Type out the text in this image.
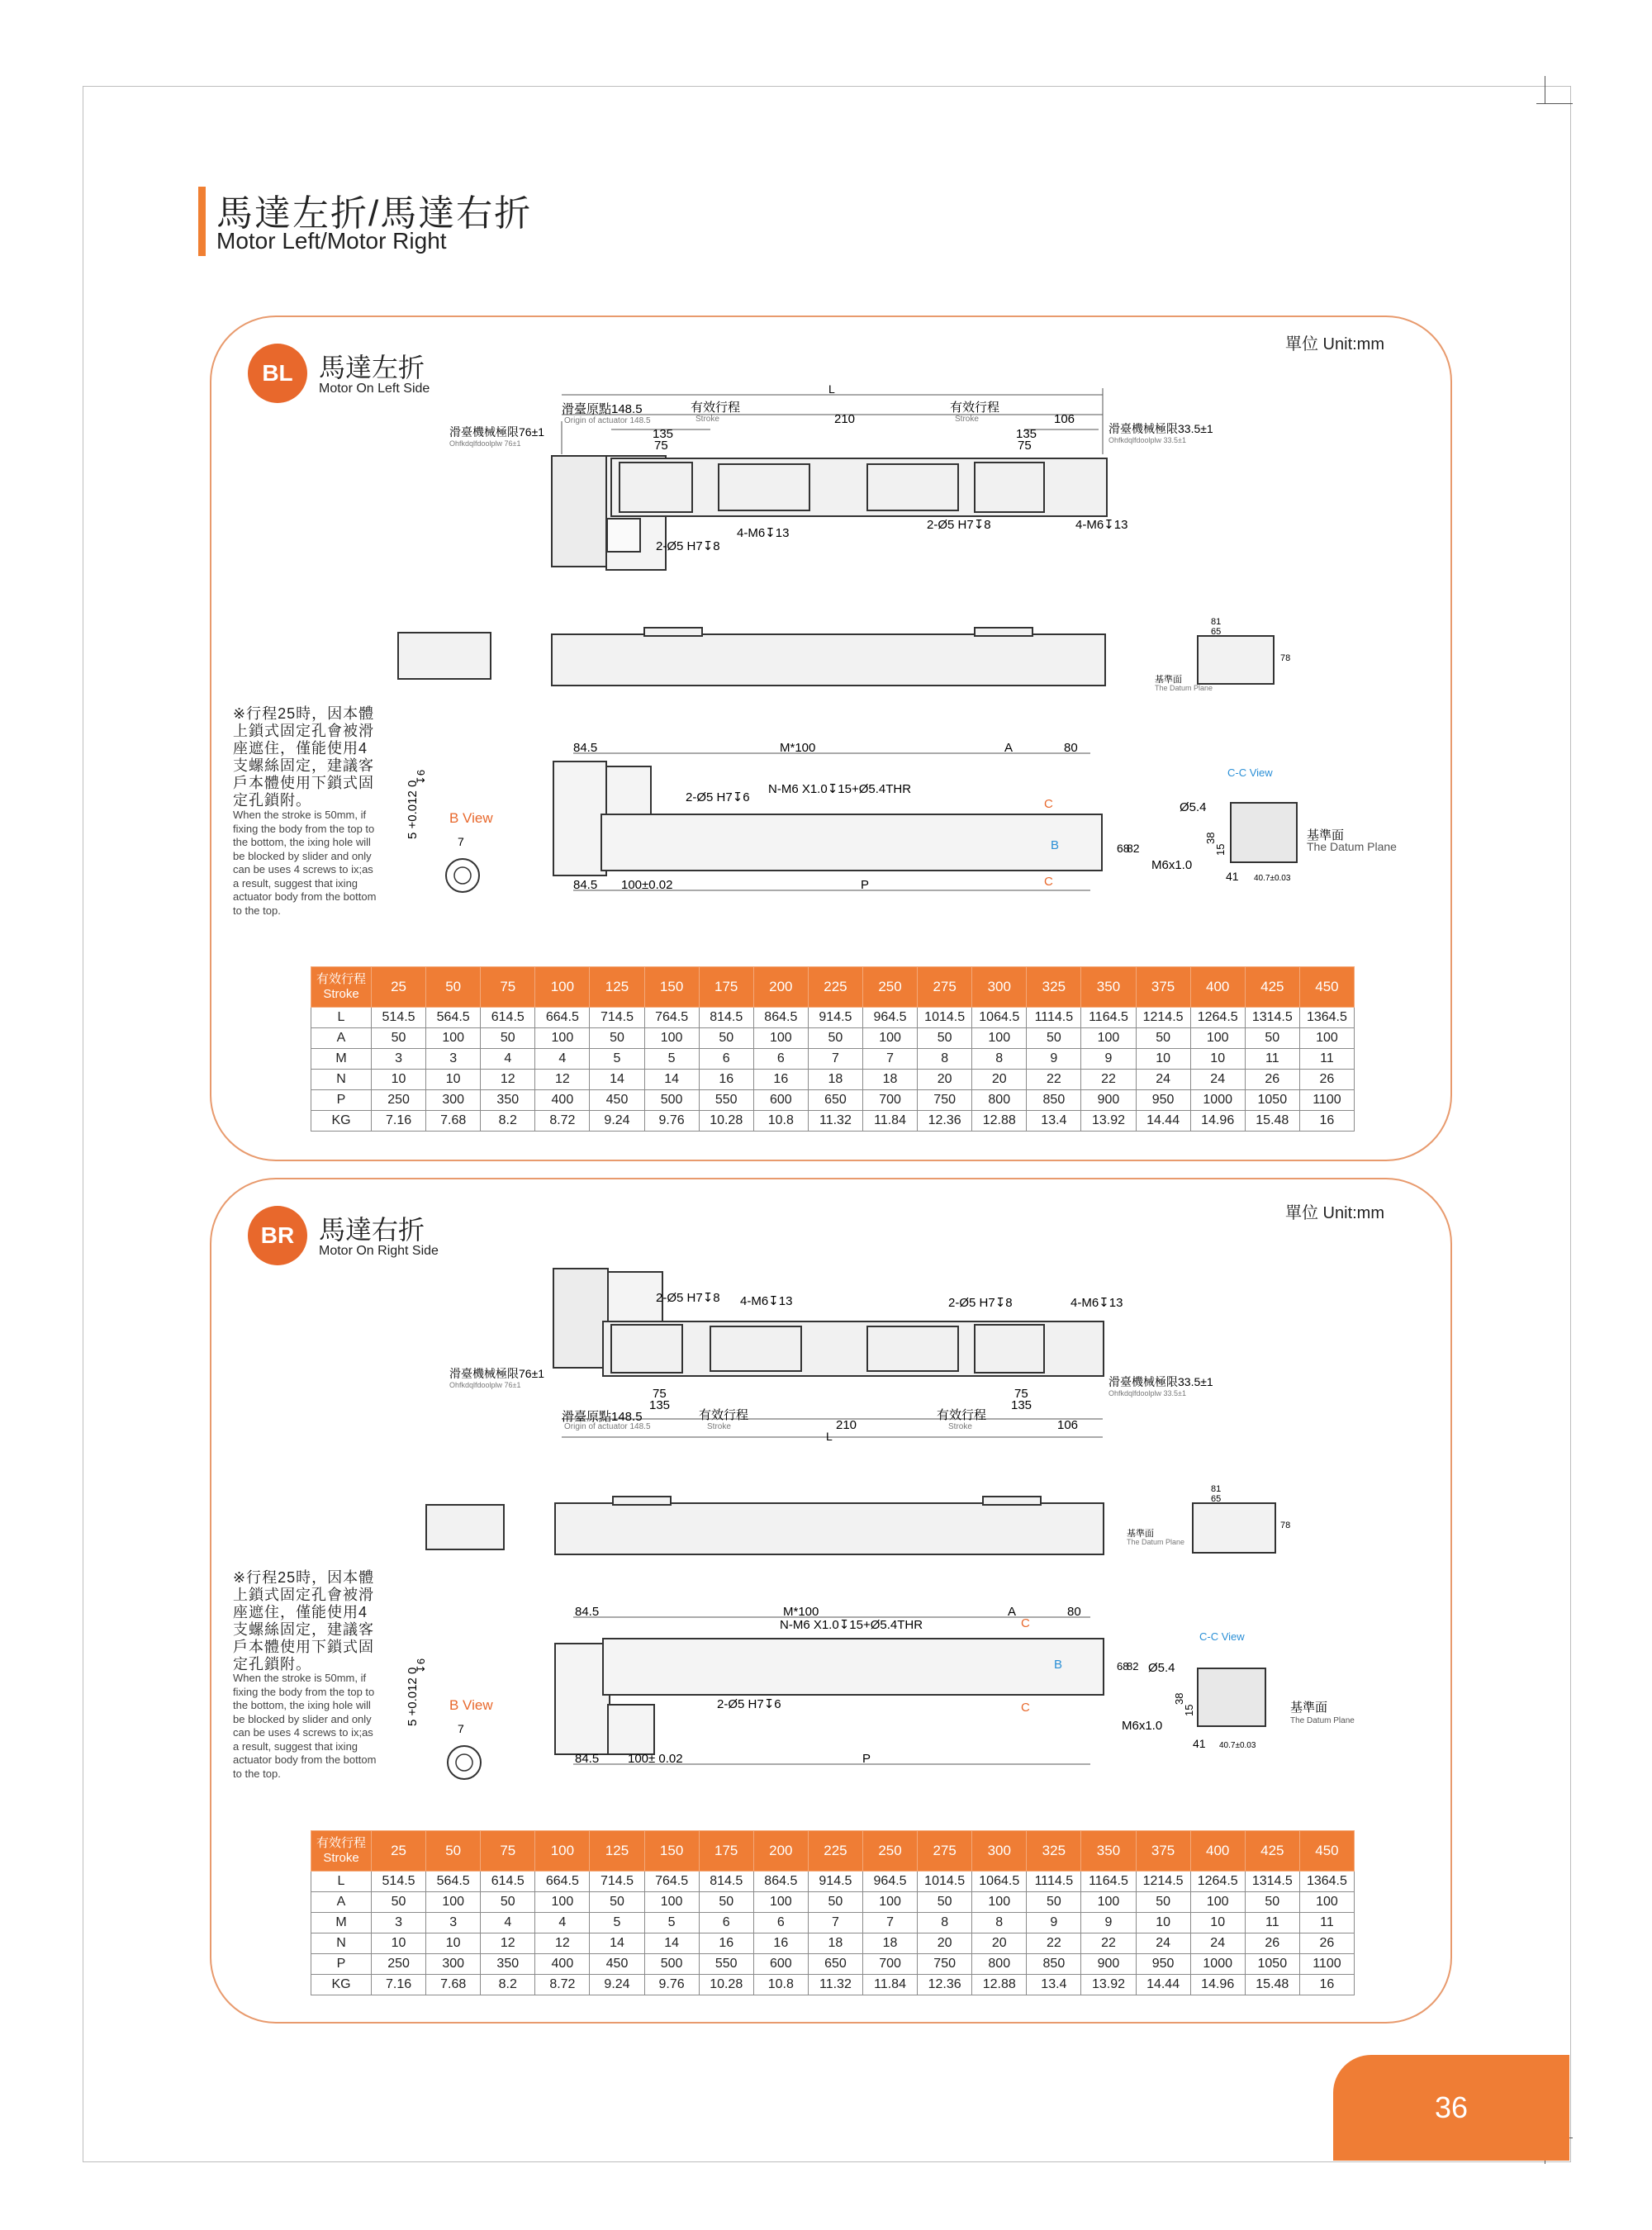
馬達左折/馬達右折
Motor Left/Motor Right
BL 馬達左折
Motor On Left Side
單位 Unit:mm
※行程25時，因本體上鎖式固定孔會被滑座遮住，僅能使用4支螺絲固定，建議客戶本體使用下鎖式固定孔鎖附。
When the stroke is 50mm, if fixing the body from the top to the bottom, the ixing hole will be blocked by slider and only can be uses 4 screws to ix;as a result, suggest that ixing actuator body from the bottom to the top.
L
滑臺原點148.5
Origin of actuator 148.5
有效行程
Stroke
有效行程
Stroke
210	106
135
75
135
75
滑臺機械極限76±1
Ohfkdqlfdoolplw 76±1
滑臺機械極限33.5±1
Ohfkdqlfdoolplw 33.5±1
2-Ø5 H7↧8
4-M6↧13
2-Ø5 H7↧8	4-M6↧13
81
65
78
基準面
The Datum Plane
84.5	M*100	A	80
2-Ø5 H7↧6
N-M6 X1.0↧15+Ø5.4THR
84.5 100±0.02	P
C
C
B	68
82
B View
5 +0.012 0
↧6
7
C-C View
Ø5.4
38
15
M6x1.0
41 40.7±0.03
基準面
The Datum Plane
有效行程
Stroke	25	50	75	100	125	150	175	200	225	250	275	300	325	350	375	400	425	450
L	514.5	564.5	614.5	664.5	714.5	764.5	814.5	864.5	914.5	964.5	1014.5	1064.5	1114.5	1164.5	1214.5	1264.5	1314.5	1364.5
A	50	100	50	100	50	100	50	100	50	100	50	100	50	100	50	100	50	100
M	3	3	4	4	5	5	6	6	7	7	8	8	9	9	10	10	11	11
N	10	10	12	12	14	14	16	16	18	18	20	20	22	22	24	24	26	26
P	250	300	350	400	450	500	550	600	650	700	750	800	850	900	950	1000	1050	1100
KG	7.16	7.68	8.2	8.72	9.24	9.76	10.28	10.8	11.32	11.84	12.36	12.88	13.4	13.92	14.44	14.96	15.48	16
BR 馬達右折
Motor On Right Side
單位 Unit:mm
※行程25時，因本體上鎖式固定孔會被滑座遮住，僅能使用4支螺絲固定，建議客戶本體使用下鎖式固定孔鎖附。
When the stroke is 50mm, if fixing the body from the top to the bottom, the ixing hole will be blocked by slider and only can be uses 4 screws to ix;as a result, suggest that ixing actuator body from the bottom to the top.
2-Ø5 H7↧8 4-M6↧13	2-Ø5 H7↧8	4-M6↧13
滑臺機械極限76±1
Ohfkdqlfdoolplw 76±1	滑臺機械極限33.5±1
Ohfkdqlfdoolplw 33.5±1
75
135
75
135
滑臺原點148.5
Origin of actuator 148.5
有效行程
Stroke
有效行程
Stroke
210	106
L
81
65
78
基準面
The Datum Plane
84.5	M*100	A	80
N-M6 X1.0↧15+Ø5.4THR
2-Ø5 H7↧6
84.5 100± 0.02	P
C
C
B	68
82
B View
5 +0.012 0
↧6
7
C-C View
Ø5.4
38
15
M6x1.0
41 40.7±0.03
基準面
The Datum Plane
有效行程
Stroke	25	50	75	100	125	150	175	200	225	250	275	300	325	350	375	400	425	450
L	514.5	564.5	614.5	664.5	714.5	764.5	814.5	864.5	914.5	964.5	1014.5	1064.5	1114.5	1164.5	1214.5	1264.5	1314.5	1364.5
A	50	100	50	100	50	100	50	100	50	100	50	100	50	100	50	100	50	100
M	3	3	4	4	5	5	6	6	7	7	8	8	9	9	10	10	11	11
N	10	10	12	12	14	14	16	16	18	18	20	20	22	22	24	24	26	26
P	250	300	350	400	450	500	550	600	650	700	750	800	850	900	950	1000	1050	1100
KG	7.16	7.68	8.2	8.72	9.24	9.76	10.28	10.8	11.32	11.84	12.36	12.88	13.4	13.92	14.44	14.96	15.48	16
36
